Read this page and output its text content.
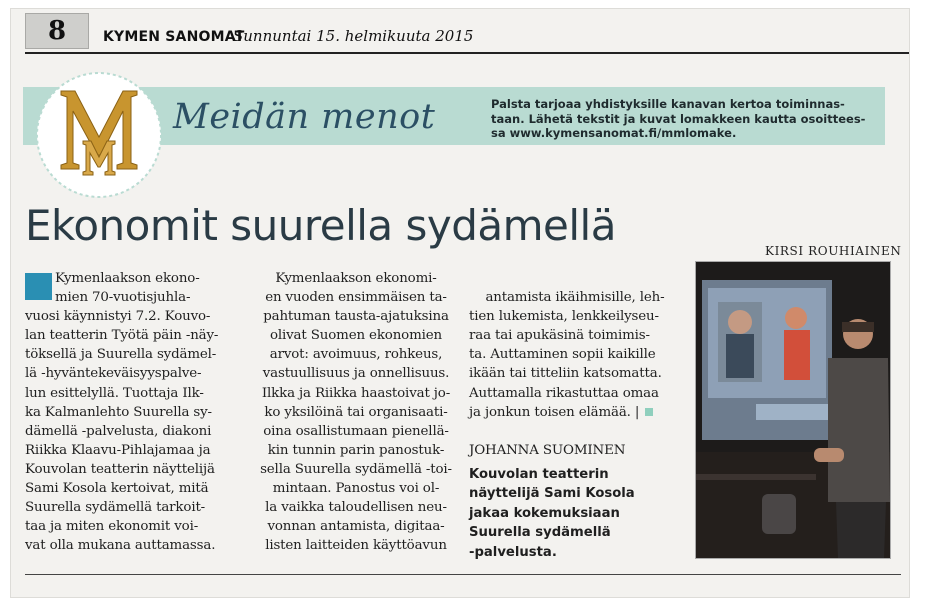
8	KYMEN SANOMAT
Sunnuntai 15. helmikuuta 2015
Meidän menot	Palsta tarjoaa yhdistyksille kanavan kertoa toiminnas-
taan. Lähetä tekstit ja kuvat lomakkeen kautta osoittees-
sa www.kymensanomat.fi/mmlomake.
Ekonomit suurella sydämellä
KIRSI ROUHIAINEN
Kymenlaakson ekono-
mien 70-vuotisjuhla-
vuosi käynnistyi 7.2. Kouvo-
lan teatterin Työtä päin -näy-
töksellä ja Suurella sydämel-
lä -hyväntekeväisyyspalve-
lun esittelyllä. Tuottaja Ilk-
ka Kalmanlehto Suurella sy-
dämellä -palvelusta, diakoni
Riikka Klaavu-Pihlajamaa ja
Kouvolan teatterin näyttelijä
Sami Kosola kertoivat, mitä
Suurella sydämellä tarkoit-
taa ja miten ekonomit voi-
vat olla mukana auttamassa.
Kymenlaakson ekonomi-
en vuoden ensimmäisen ta-
pahtuman tausta-ajatuksina
olivat Suomen ekonomien
arvot: avoimuus, rohkeus,
vastuullisuus ja onnellisuus.
Ilkka ja Riikka haastoivat jo-
ko yksilöinä tai organisaati-
oina osallistumaan pienellä-
kin tunnin parin panostuk-
sella Suurella sydämellä -toi-
mintaan. Panostus voi ol-
la vaikka taloudellisen neu-
vonnan antamista, digitaa-
listen laitteiden käyttöavun

antamista ikäihmisille, leh-
tien lukemista, lenkkeilyseu-
raa tai apukäsinä toimimis-
ta. Auttaminen sopii kaikille
ikään tai titteliin katsomatta.
Auttamalla rikastuttaa omaa
ja jonkun toisen elämää. |

JOHANNA SUOMINEN

Kouvolan teatterin
näyttelijä Sami Kosola
jakaa kokemuksiaan
Suurella sydämellä
-palvelusta.
